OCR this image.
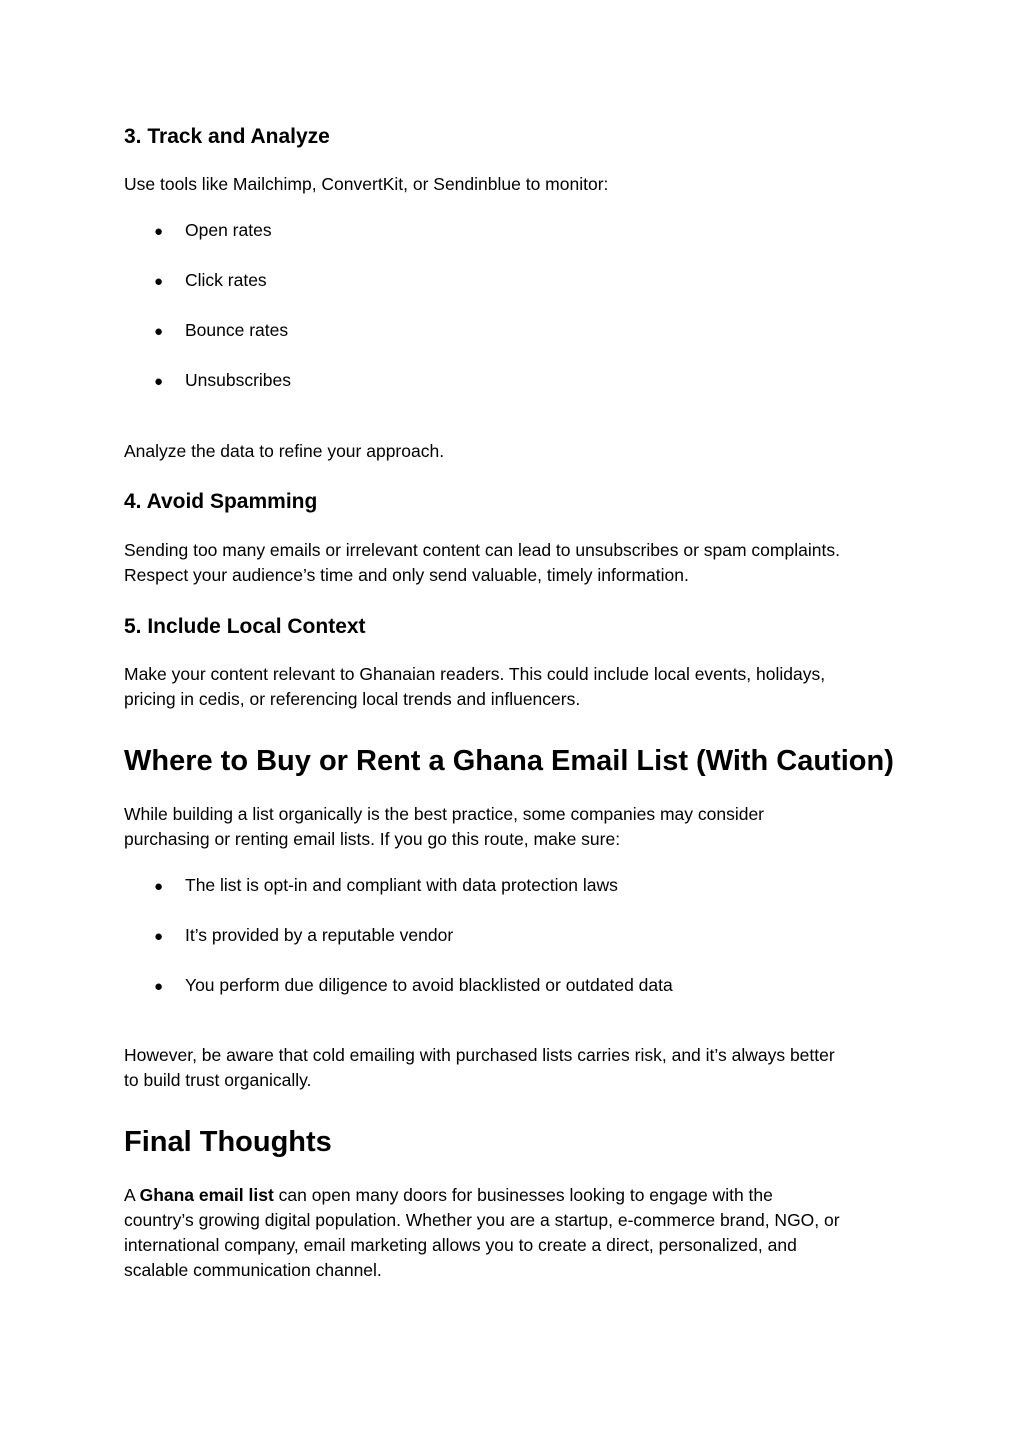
3. Track and Analyze

Use tools like Mailchimp, ConvertKit, or Sendinblue to monitor:

● Open rates
● Click rates
● Bounce rates
● Unsubscribes

Analyze the data to refine your approach.

4. Avoid Spamming

Sending too many emails or irrelevant content can lead to unsubscribes or spam complaints.

Respect your audience’s time and only send valuable, timely information.

5. Include Local Context

Make your content relevant to Ghanaian readers. This could include local events, holidays,

pricing in cedis, or referencing local trends and influencers.

Where to Buy or Rent a Ghana Email List (With Caution)

While building a list organically is the best practice, some companies may consider

purchasing or renting email lists. If you go this route, make sure:

● The list is opt-in and compliant with data protection laws
● It’s provided by a reputable vendor
● You perform due diligence to avoid blacklisted or outdated data

However, be aware that cold emailing with purchased lists carries risk, and it’s always better

to build trust organically.

Final Thoughts

A Ghana email list can open many doors for businesses looking to engage with the

country’s growing digital population. Whether you are a startup, e-commerce brand, NGO, or

international company, email marketing allows you to create a direct, personalized, and

scalable communication channel.
